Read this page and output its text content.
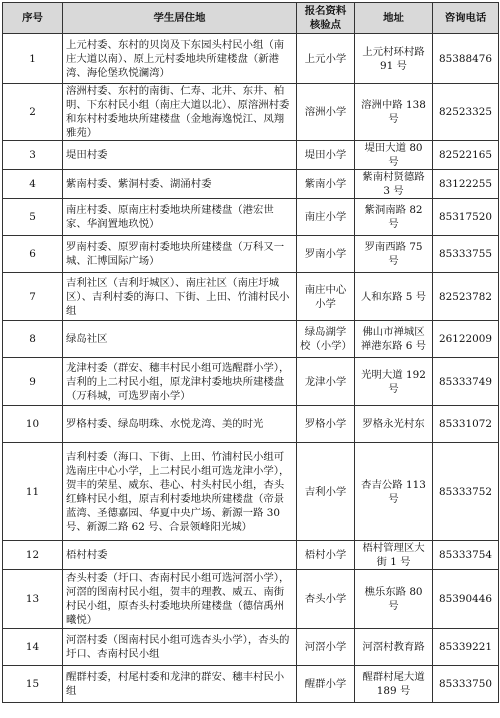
序号	学生居住地	报名资料核验点	地址	咨询电话
1	上元村委、东村的贝岗及下东园头村民小组（南庄大道以南）、原上元村委地块所建楼盘（新港湾、海伦堡玖悦澜湾）	上元小学	上元村环村路 91 号	85388476
2	溶洲村委、东村的南街、仁寿、北井、东井、柏明、下东村民小组（南庄大道以北）、原溶洲村委和东村村委地块所建楼盘（金地海逸悦江、凤翔雅苑）	溶洲小学	溶洲中路 138 号	82523325
3	堤田村委	堤田小学	堤田大道 80 号	82522165
4	紫南村委、紫洞村委、湖涌村委	紫南小学	紫南村贤德路 3 号	83122255
5	南庄村委、原南庄村委地块所建楼盘（港宏世家、华润置地玖悦）	南庄小学	紫洞南路 82 号	85317520
6	罗南村委、原罗南村委地块所建楼盘（万科又一城、汇博国际广场）	罗南小学	罗南西路 75 号	85333755
7	吉利社区（吉利圩城区）、南庄社区（南庄圩城区）、吉利村委的海口、下街、上田、竹浦村民小组	南庄中心小学	人和东路 5 号	82523782
8	绿岛社区	绿岛湖学校（小学）	佛山市禅城区禅港东路 6 号	26122009
9	龙津村委（群安、穗丰村民小组可选醒群小学），吉利的上二村民小组，原龙津村委地块所建楼盘（万科城，可选罗南小学）	龙津小学	光明大道 192 号	85333749
10	罗格村委、绿岛明珠、水悦龙湾、美的时光	罗格小学	罗格永光村东	85331072
11	吉利村委（海口、下街、上田、竹浦村民小组可选南庄中心小学，上二村民小组可选龙津小学），贺丰的荣星、威东、巷心、村头村民小组，杏头红蜂村民小组，原吉利村委地块所建楼盘（帝景蓝湾、圣德嘉园、华夏中央广场、新源一路 30 号、新源二路 62 号、合景领峰阳光城）	吉利小学	杏吉公路 113 号	85333752
12	梧村村委	梧村小学	梧村管理区大街 1 号	85333754
13	杏头村委（圩口、杏南村民小组可选河滘小学），河滘的图南村民小组，贺丰的理教、威五、南街村民小组，原杏头村委地块所建楼盘（德信禹州曦悦）	杏头小学	樵乐东路 80 号	85390446
14	河滘村委（图南村民小组可选杏头小学），杏头的圩口、杏南村民小组	河滘小学	河滘村教育路	85339221
15	醒群村委，村尾村委和龙津的群安、穗丰村民小组	醒群小学	醒群村尾大道 189 号	85333750
